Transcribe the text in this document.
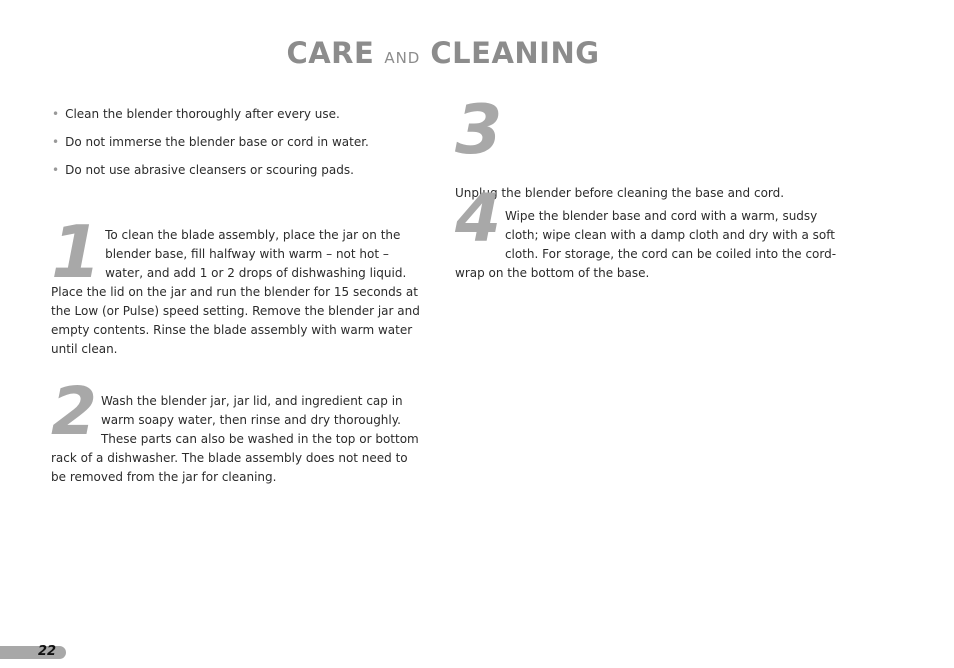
CARE AND CLEANING
• Clean the blender thoroughly after every use.
• Do not immerse the blender base or cord in water.
• Do not use abrasive cleansers or scouring pads.
1 To clean the blade assembly, place the jar on the blender base, fill halfway with warm – not hot – water, and add 1 or 2 drops of dishwashing liquid. Place the lid on the jar and run the blender for 15 seconds at the Low (or Pulse) speed setting. Remove the blender jar and empty contents. Rinse the blade assembly with warm water until clean.
2 Wash the blender jar, jar lid, and ingredient cap in warm soapy water, then rinse and dry thoroughly. These parts can also be washed in the top or bottom rack of a dishwasher. The blade assembly does not need to be removed from the jar for cleaning.
3
Unplug the blender before cleaning the base and cord.
4 Wipe the blender base and cord with a warm, sudsy cloth; wipe clean with a damp cloth and dry with a soft cloth. For storage, the cord can be coiled into the cord-wrap on the bottom of the base.
22
